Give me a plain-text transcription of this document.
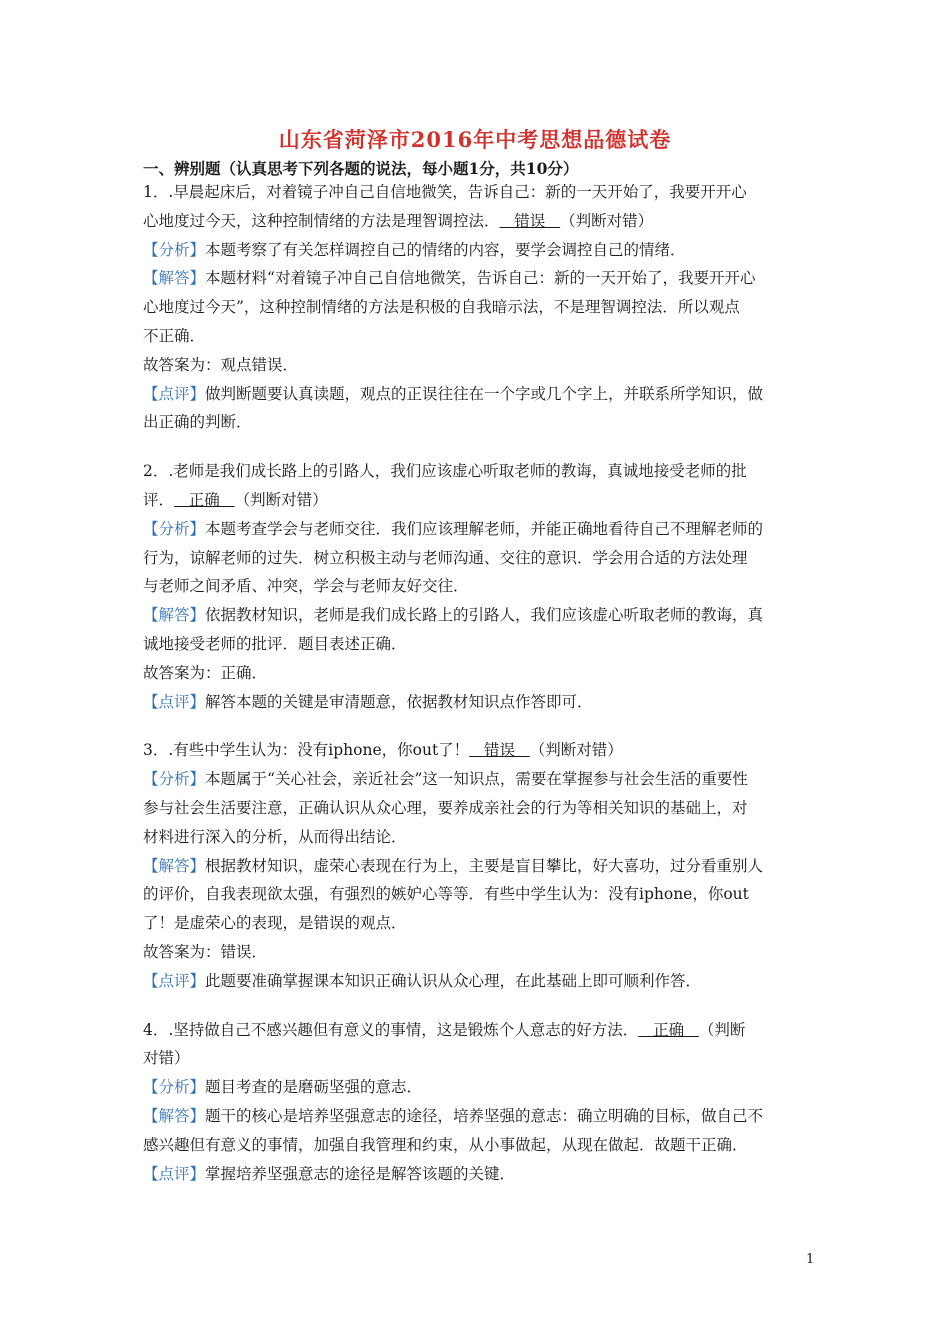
山东省菏泽市2016年中考思想品德试卷
一、辨别题（认真思考下列各题的说法，每小题1分，共10分）
1．.早晨起床后，对着镜子冲自己自信地微笑，告诉自己：新的一天开始了，我要开开心
心地度过今天，这种控制情绪的方法是理智调控法．   错误   （判断对错）
【分析】本题考察了有关怎样调控自己的情绪的内容，要学会调控自己的情绪．
【解答】本题材料“对着镜子冲自己自信地微笑，告诉自己：新的一天开始了，我要开开心
心地度过今天”，这种控制情绪的方法是积极的自我暗示法，不是理智调控法．所以观点
不正确．
故答案为：观点错误．
【点评】做判断题要认真读题，观点的正误往往在一个字或几个字上，并联系所学知识，做
出正确的判断．
2．.老师是我们成长路上的引路人，我们应该虚心听取老师的教诲，真诚地接受老师的批
评．   正确   （判断对错）
【分析】本题考查学会与老师交往．我们应该理解老师，并能正确地看待自己不理解老师的
行为，谅解老师的过失．树立积极主动与老师沟通、交往的意识．学会用合适的方法处理
与老师之间矛盾、冲突，学会与老师友好交往．
【解答】依据教材知识，老师是我们成长路上的引路人，我们应该虚心听取老师的教诲，真
诚地接受老师的批评．题目表述正确．
故答案为：正确．
【点评】解答本题的关键是审清题意，依据教材知识点作答即可．
3．.有些中学生认为：没有iphone，你out了！   错误   （判断对错）
【分析】本题属于“关心社会，亲近社会”这一知识点，需要在掌握参与社会生活的重要性
参与社会生活要注意，正确认识从众心理，要养成亲社会的行为等相关知识的基础上，对
材料进行深入的分析，从而得出结论．
【解答】根据教材知识，虚荣心表现在行为上，主要是盲目攀比，好大喜功，过分看重别人
的评价，自我表现欲太强，有强烈的嫉妒心等等．有些中学生认为：没有iphone，你out
了！是虚荣心的表现，是错误的观点．
故答案为：错误．
【点评】此题要准确掌握课本知识正确认识从众心理，在此基础上即可顺利作答．
4．.坚持做自己不感兴趣但有意义的事情，这是锻炼个人意志的好方法．   正确   （判断
对错）
【分析】题目考查的是磨砺坚强的意志．
【解答】题干的核心是培养坚强意志的途径，培养坚强的意志：确立明确的目标，做自己不
感兴趣但有意义的事情，加强自我管理和约束，从小事做起，从现在做起．故题干正确．
【点评】掌握培养坚强意志的途径是解答该题的关键．
1
